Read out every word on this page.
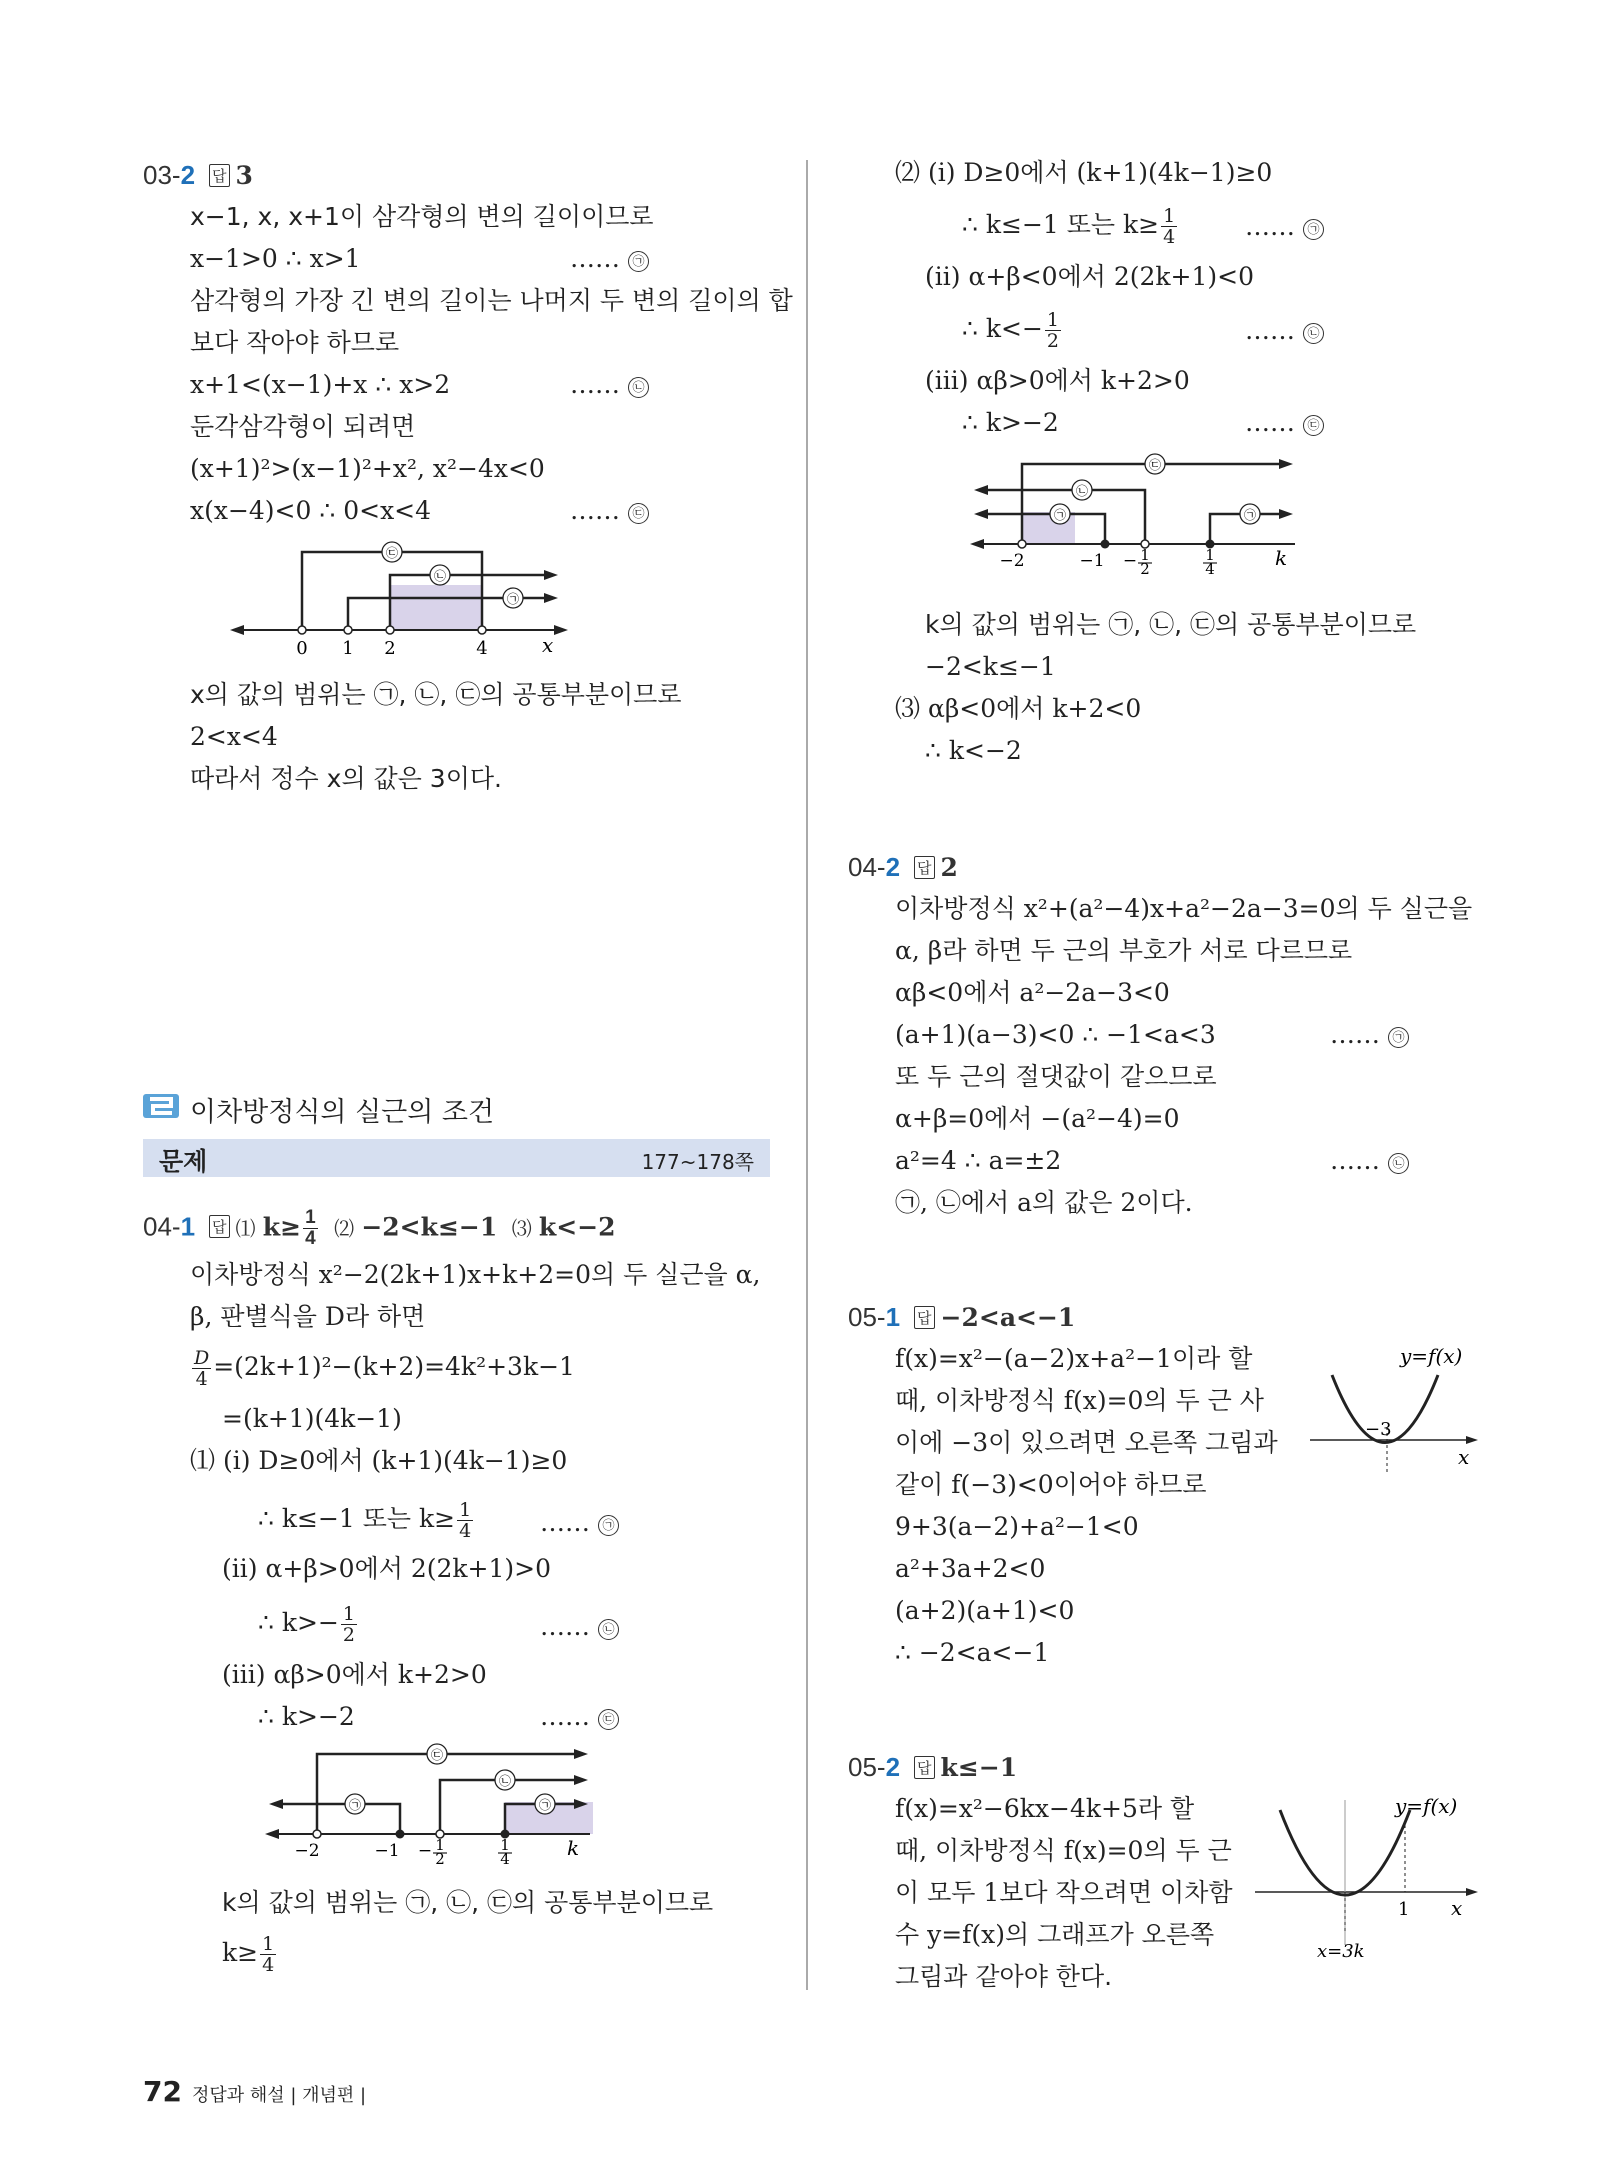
03-2 답 3
x−1, x, x+1이 삼각형의 변의 길이이므로
x−1>0 ∴ x>1	…… ㉠
삼각형의 가장 긴 변의 길이는 나머지 두 변의 길이의 합
보다 작아야 하므로
x+1<(x−1)+x ∴ x>2	…… ㉡
둔각삼각형이 되려면
(x+1)²>(x−1)²+x², x²−4x<0
x(x−4)<0 ∴ 0<x<4	…… ㉢
㉢
㉡
㉠
0 1 2	4	x
x의 값의 범위는 ㉠, ㉡, ㉢의 공통부분이므로
2<x<4
따라서 정수 x의 값은 3이다.
이차방정식의 실근의 조건
문제	177~178쪽
04-1 답 ⑴ $k\ge \frac{1}{4}$ ⑵ −2<k≤−1 ⑶ k<−2
이차방정식 x²−2(2k+1)x+k+2=0의 두 실근을 α,
β, 판별식을 D라 하면
$\frac{D}{4} =(2k+1)^2-(k+2)=4k^2+3k-1$
=(k+1)(4k−1)
⑴ (i) D≥0에서 (k+1)(4k−1)≥0
∴ k≤−1 또는 $k\ge \frac{1}{4}$	…… ㉠
(ii) α+β>0에서 2(2k+1)>0
∴ $k>- \frac{1}{2}$	…… ㉡
(iii) αβ>0에서 k+2>0
∴ k>−2	…… ㉢
㉢
㉡
㉠	㉠
−2	−1 − 1
2
1
4	k
k의 값의 범위는 ㉠, ㉡, ㉢의 공통부분이므로
$k\ge \frac{1}{4}$
⑵ (i) D≥0에서 (k+1)(4k−1)≥0
∴ k≤−1 또는 $k\ge \frac{1}{4}$	…… ㉠
(ii) α+β<0에서 2(2k+1)<0
∴ $k<- \frac{1}{2}$	…… ㉡
(iii) αβ>0에서 k+2>0
∴ k>−2	…… ㉢
㉢
㉡
㉠	㉠
−2	−1 − 1
2
1
4	k
k의 값의 범위는 ㉠, ㉡, ㉢의 공통부분이므로
−2<k≤−1
⑶ αβ<0에서 k+2<0
∴ k<−2
04-2 답 2
이차방정식 x²+(a²−4)x+a²−2a−3=0의 두 실근을
α, β라 하면 두 근의 부호가 서로 다르므로
αβ<0에서 a²−2a−3<0
(a+1)(a−3)<0 ∴ −1<a<3	…… ㉠
또 두 근의 절댓값이 같으므로
α+β=0에서 −(a²−4)=0
a²=4 ∴ a=±2	…… ㉡
㉠, ㉡에서 a의 값은 2이다.
05-1 답 −2<a<−1
f(x)=x²−(a−2)x+a²−1이라 할
때, 이차방정식 f(x)=0의 두 근 사
이에 −3이 있으려면 오른쪽 그림과
같이 f(−3)<0이어야 하므로
9+3(a−2)+a²−1<0
a²+3a+2<0
(a+2)(a+1)<0
∴ −2<a<−1
y=f(x)
−3
x
05-2 답 k≤−1
f(x)=x²−6kx−4k+5라 할
때, 이차방정식 f(x)=0의 두 근
이 모두 1보다 작으려면 이차함
수 y=f(x)의 그래프가 오른쪽
그림과 같아야 한다.
y=f(x)
1 x
x=3k
72 정답과 해설 | 개념편 |
